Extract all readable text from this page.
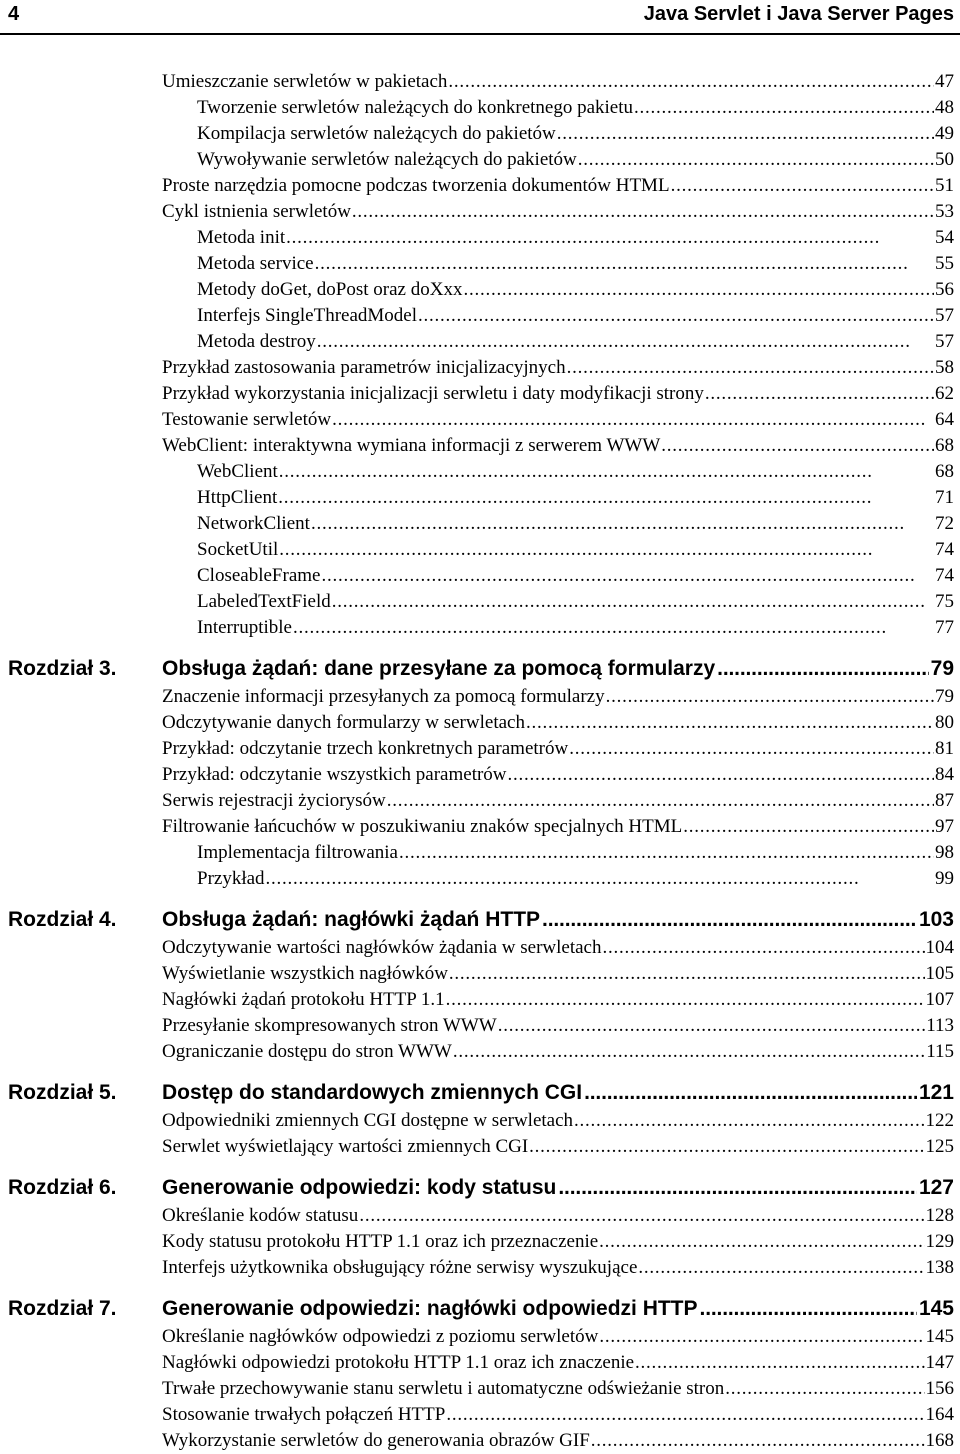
4	Java Servlet i Java Server Pages
Umieszczanie serwletów w pakietach . . .	47
Tworzenie serwletów należących do konkretnego pakietu . . .	48
Kompilacja serwletów należących do pakietów . . .	49
Wywoływanie serwletów należących do pakietów . . .	50
Proste narzędzia pomocne podczas tworzenia dokumentów HTML . . .	51
Cykl istnienia serwletów . . .	53
Metoda init . . .	54
Metoda service . . .	55
Metody doGet, doPost oraz doXxx . . .	56
Interfejs SingleThreadModel . . .	57
Metoda destroy . . .	57
Przykład zastosowania parametrów inicjalizacyjnych . . .	58
Przykład wykorzystania inicjalizacji serwletu i daty modyfikacji strony . . .	62
Testowanie serwletów . . .	64
WebClient: interaktywna wymiana informacji z serwerem WWW . . .	68
WebClient . . .	68
HttpClient . . .	71
NetworkClient . . .	72
SocketUtil . . .	74
CloseableFrame . . .	74
LabeledTextField . . .	75
Interruptible . . .	77
Rozdział 3. Obsługa żądań: dane przesyłane za pomocą formularzy . . .	79
Znaczenie informacji przesyłanych za pomocą formularzy . . .	79
Odczytywanie danych formularzy w serwletach . . .	80
Przykład: odczytanie trzech konkretnych parametrów . . .	81
Przykład: odczytanie wszystkich parametrów . . .	84
Serwis rejestracji życiorysów . . .	87
Filtrowanie łańcuchów w poszukiwaniu znaków specjalnych HTML . . .	97
Implementacja filtrowania . . .	98
Przykład . . .	99
Rozdział 4. Obsługa żądań: nagłówki żądań HTTP . . .	103
Odczytywanie wartości nagłówków żądania w serwletach . . .	104
Wyświetlanie wszystkich nagłówków . . .	105
Nagłówki żądań protokołu HTTP 1.1 . . .	107
Przesyłanie skompresowanych stron WWW . . .	113
Ograniczanie dostępu do stron WWW . . .	115
Rozdział 5. Dostęp do standardowych zmiennych CGI . . .	121
Odpowiedniki zmiennych CGI dostępne w serwletach . . .	122
Serwlet wyświetlający wartości zmiennych CGI . . .	125
Rozdział 6. Generowanie odpowiedzi: kody statusu . . .	127
Określanie kodów statusu . . .	128
Kody statusu protokołu HTTP 1.1 oraz ich przeznaczenie . . .	129
Interfejs użytkownika obsługujący różne serwisy wyszukujące . . .	138
Rozdział 7. Generowanie odpowiedzi: nagłówki odpowiedzi HTTP . . .	145
Określanie nagłówków odpowiedzi z poziomu serwletów . . .	145
Nagłówki odpowiedzi protokołu HTTP 1.1 oraz ich znaczenie . . .	147
Trwałe przechowywanie stanu serwletu i automatyczne odświeżanie stron . . .	156
Stosowanie trwałych połączeń HTTP . . .	164
Wykorzystanie serwletów do generowania obrazów GIF . . .	168
